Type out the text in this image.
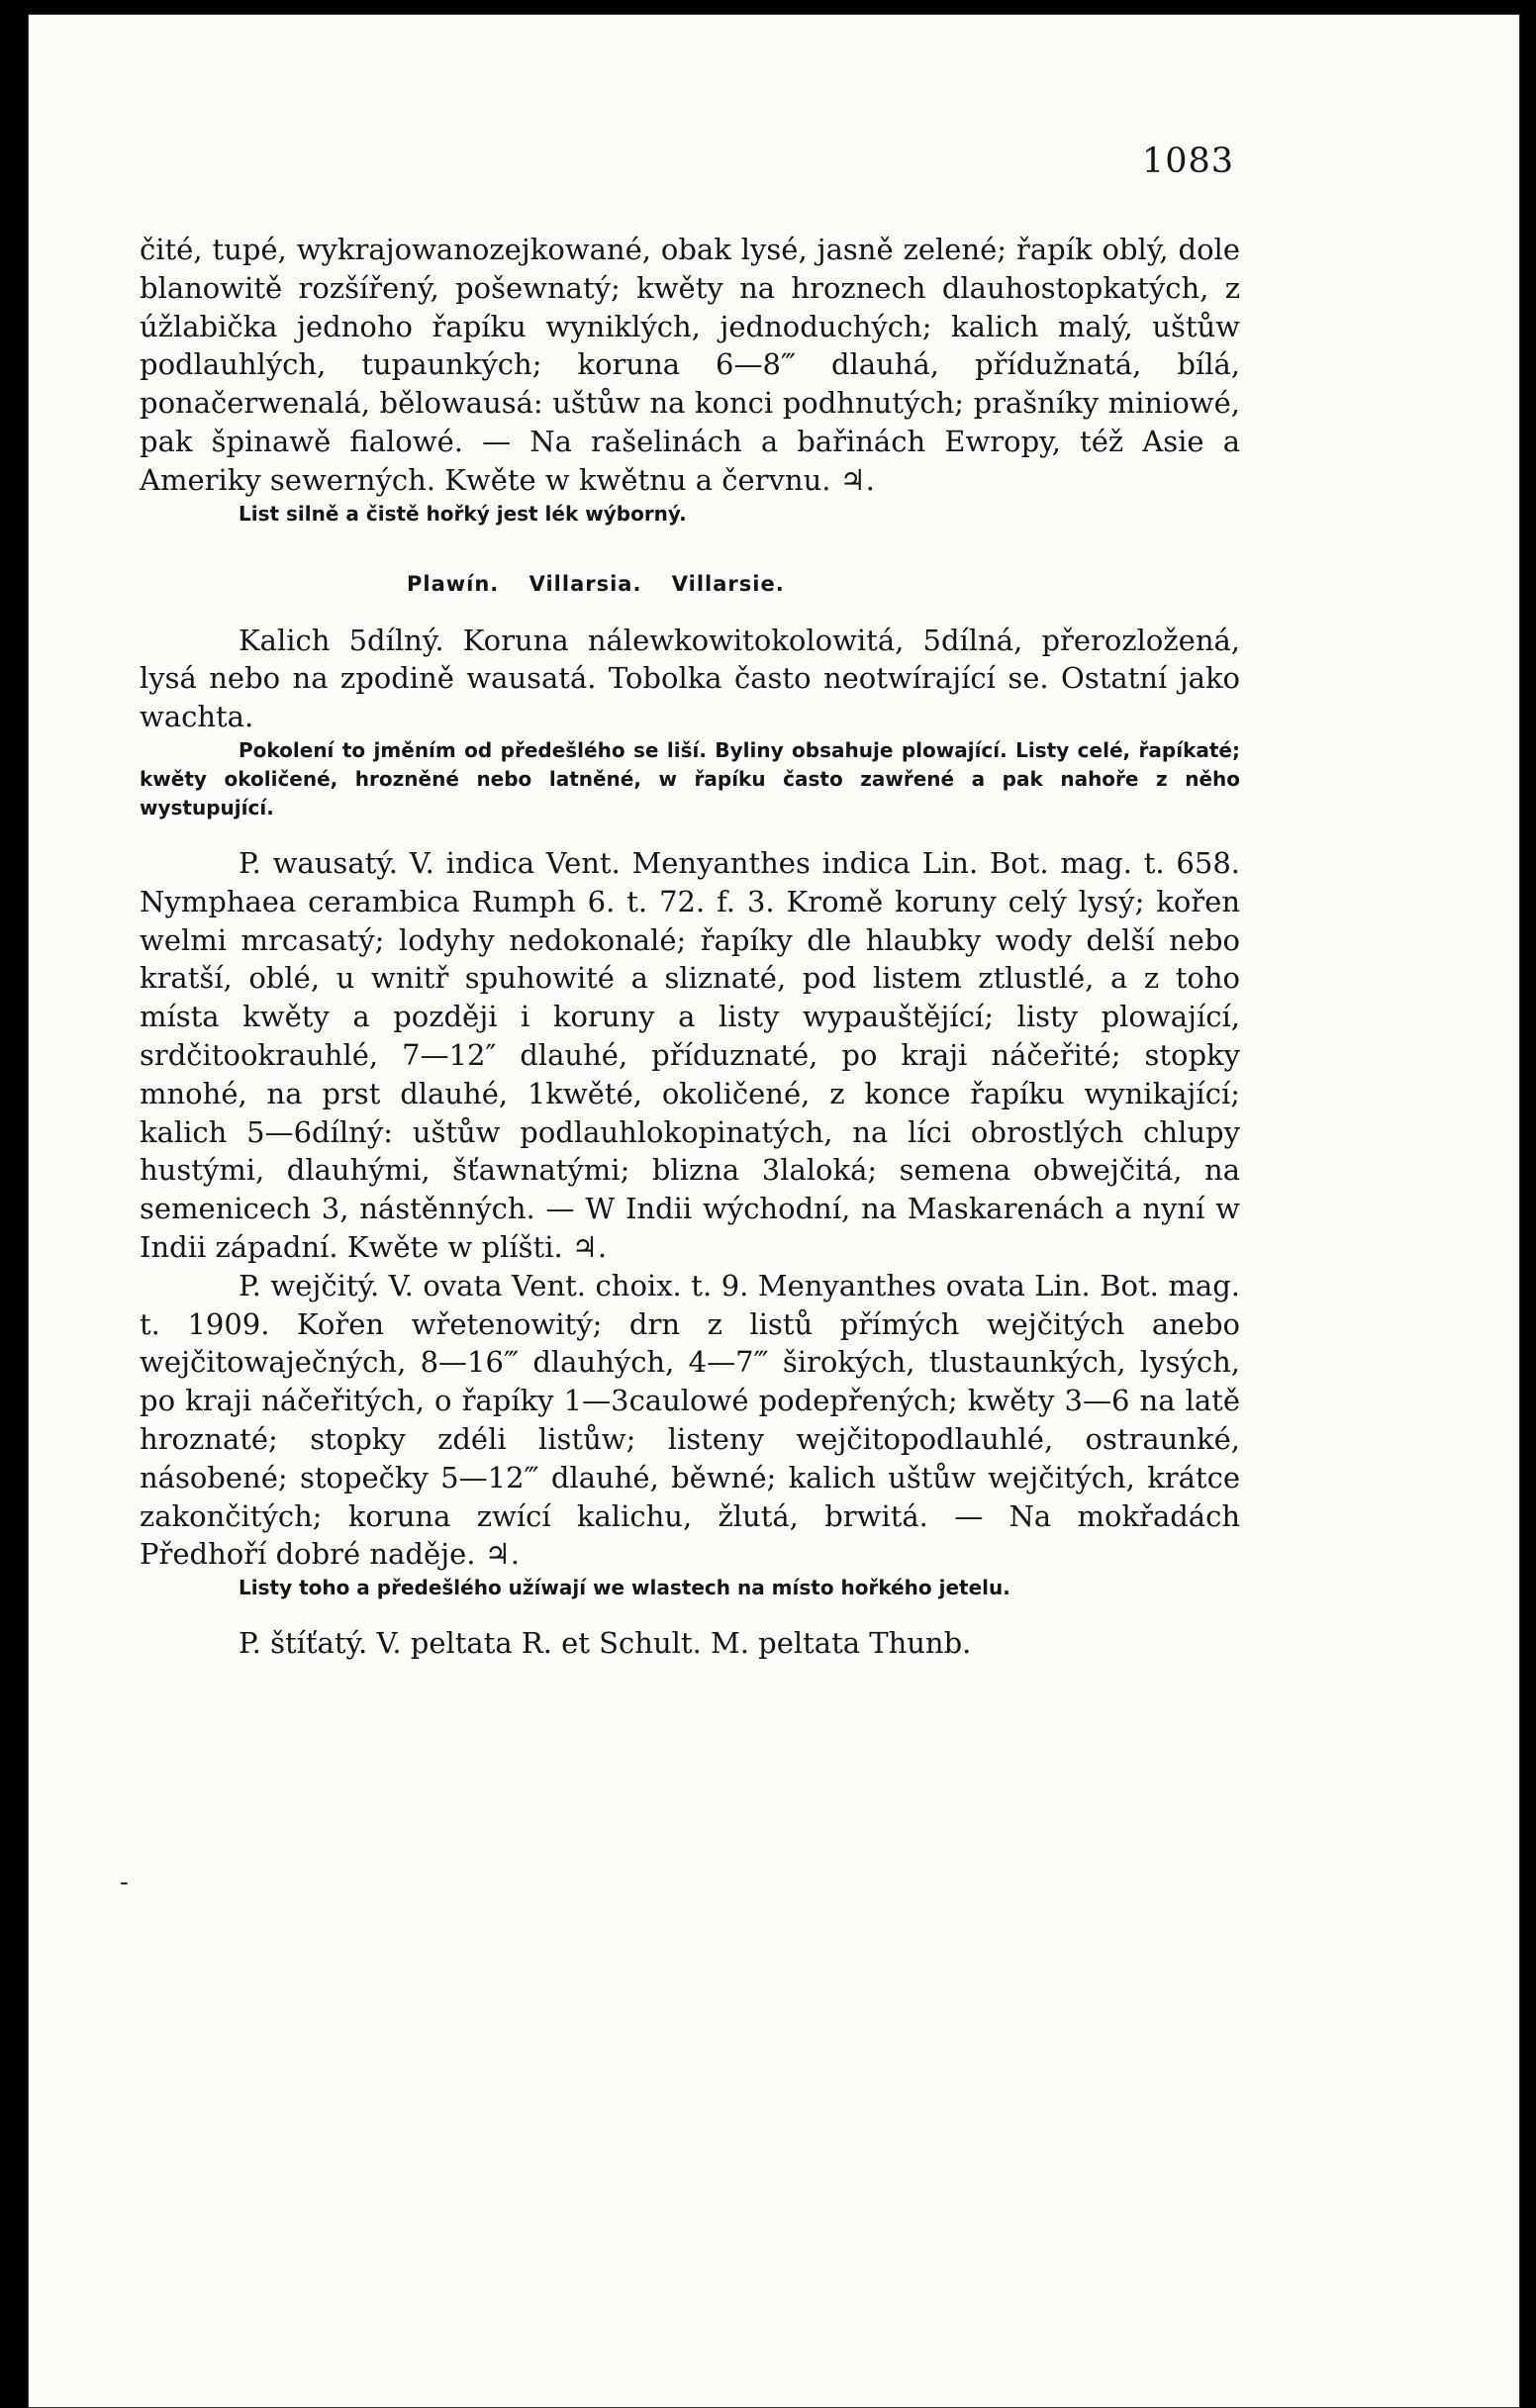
1083
-

čité, tupé, wykrajowanozejkowané, obak lysé, jasně zelené; řapík oblý, dole blanowitě rozšířený, pošewnatý; kwěty na hroznech dlauhostopkatých, z úžlabička jednoho řapíku wyniklých, jednoduchých; kalich malý, uštůw podlauhlých, tupaunkých; koruna 6—8‴ dlauhá, přídužnatá, bílá, ponačerwenalá, bělowausá: uštůw na konci podhnutých; prašníky miniowé, pak špinawě fialowé. — Na rašelinách a bařinách Ewropy, též Asie a Ameriky sewerných. Kwěte w kwětnu a červnu. ♃.

List silně a čistě hořký jest lék wýborný.

Plawín. Villarsia. Villarsie.

Kalich 5dílný. Koruna nálewkowitokolowitá, 5dílná, přerozložená, lysá nebo na zpodině wausatá. Tobolka často neotwírající se. Ostatní jako wachta.

Pokolení to jměním od předešlého se liší. Byliny obsahuje plowající. Listy celé, řapíkaté; kwěty okoličené, hrozněné nebo latněné, w řapíku často zawřené a pak nahoře z něho wystupující.

P. wausatý. V. indica Vent. Menyanthes indica Lin. Bot. mag. t. 658. Nymphaea cerambica Rumph 6. t. 72. f. 3. Kromě koruny celý lysý; kořen welmi mrcasatý; lodyhy nedokonalé; řapíky dle hlaubky wody delší nebo kratší, oblé, u wnitř spuhowité a sliznaté, pod listem ztlustlé, a z toho místa kwěty a později i koruny a listy wypauštějící; listy plowající, srdčitookrauhlé, 7—12″ dlauhé, příduznaté, po kraji náčeřité; stopky mnohé, na prst dlauhé, 1kwěté, okoličené, z konce řapíku wynikající; kalich 5—6dílný: uštůw podlauhlokopinatých, na líci obrostlých chlupy hustými, dlauhými, šťawnatými; blizna 3laloká; semena obwejčitá, na semenicech 3, nástěnných. — W Indii wýchodní, na Maskarenách a nyní w Indii západní. Kwěte w plíšti. ♃.

P. wejčitý. V. ovata Vent. choix. t. 9. Menyanthes ovata Lin. Bot. mag. t. 1909. Kořen wřetenowitý; drn z listů přímých wejčitých anebo wejčitowaječných, 8—16‴ dlauhých, 4—7‴ širokých, tlustaunkých, lysých, po kraji náčeřitých, o řapíky 1—3caulowé podepřených; kwěty 3—6 na latě hroznaté; stopky zdéli listůw; listeny wejčitopodlauhlé, ostraunké, násobené; stopečky 5—12‴ dlauhé, běwné; kalich uštůw wejčitých, krátce zakončitých; koruna zwící kalichu, žlutá, brwitá. — Na mokřadách Předhoří dobré naděje. ♃.

Listy toho a předešlého užíwají we wlastech na místo hořkého jetelu.

P. štíťatý. V. peltata R. et Schult. M. peltata Thunb.
